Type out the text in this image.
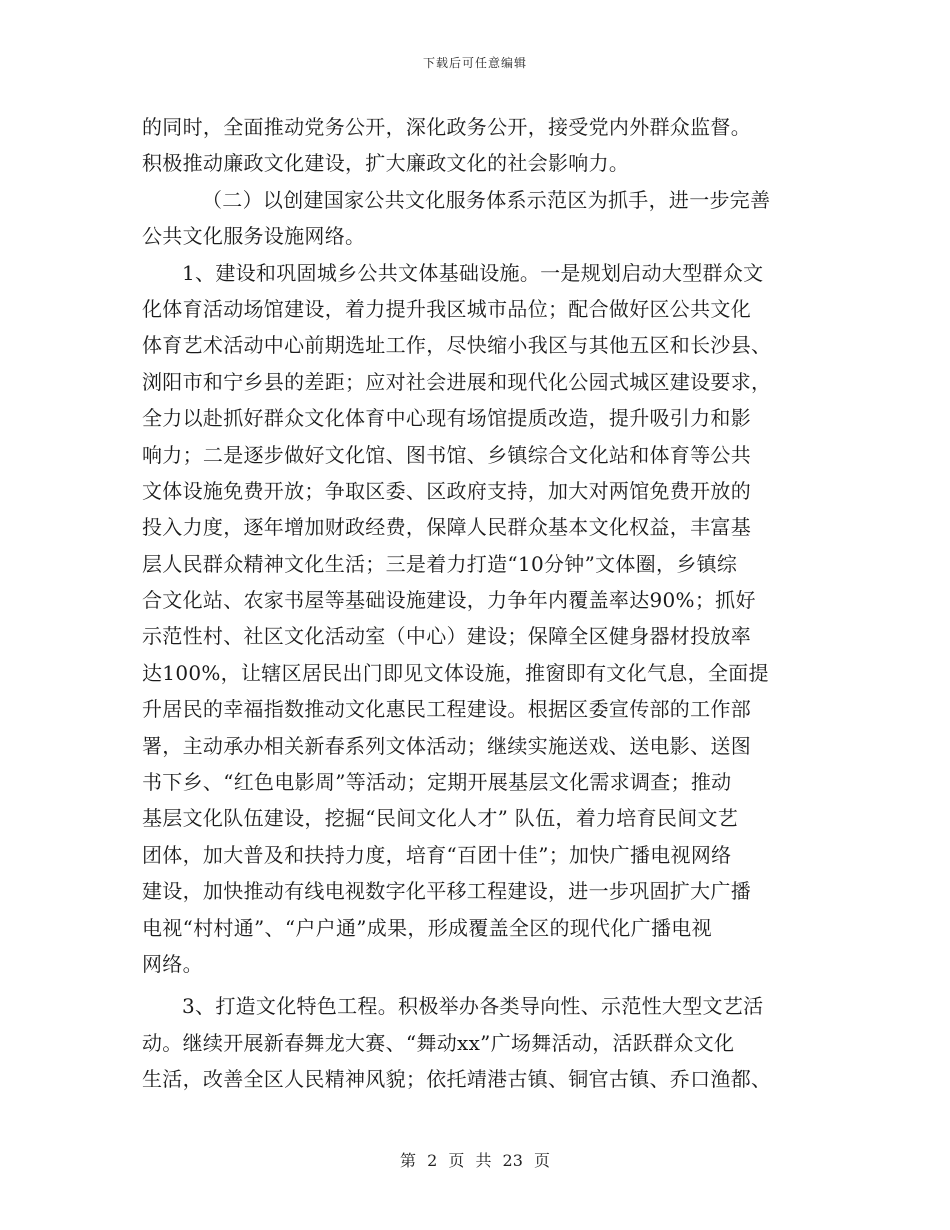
下载后可任意编辑
的同时，全面推动党务公开，深化政务公开，接受党内外群众监督。
积极推动廉政文化建设，扩大廉政文化的社会影响力。
（二）以创建国家公共文化服务体系示范区为抓手，进一步完善
公共文化服务设施网络。
1、建设和巩固城乡公共文体基础设施。一是规划启动大型群众文
化体育活动场馆建设，着力提升我区城市品位；配合做好区公共文化
体育艺术活动中心前期选址工作，尽快缩小我区与其他五区和长沙县、
浏阳市和宁乡县的差距；应对社会进展和现代化公园式城区建设要求，
全力以赴抓好群众文化体育中心现有场馆提质改造，提升吸引力和影
响力；二是逐步做好文化馆、图书馆、乡镇综合文化站和体育等公共
文体设施免费开放；争取区委、区政府支持，加大对两馆免费开放的
投入力度，逐年增加财政经费，保障人民群众基本文化权益，丰富基
层人民群众精神文化生活；三是着力打造“10分钟”文体圈，乡镇综
合文化站、农家书屋等基础设施建设，力争年内覆盖率达90%；抓好
示范性村、社区文化活动室（中心）建设；保障全区健身器材投放率
达100%，让辖区居民出门即见文体设施，推窗即有文化气息，全面提
升居民的幸福指数推动文化惠民工程建设。根据区委宣传部的工作部
署，主动承办相关新春系列文体活动；继续实施送戏、送电影、送图
书下乡、“红色电影周”等活动；定期开展基层文化需求调查；推动
基层文化队伍建设，挖掘“民间文化人才” 队伍，着力培育民间文艺
团体，加大普及和扶持力度，培育“百团十佳”；加快广播电视网络
建设，加快推动有线电视数字化平移工程建设，进一步巩固扩大广播
电视“村村通”、“户户通”成果，形成覆盖全区的现代化广播电视
网络。
3、打造文化特色工程。积极举办各类导向性、示范性大型文艺活
动。继续开展新春舞龙大赛、“舞动xx”广场舞活动，活跃群众文化
生活，改善全区人民精神风貌；依托靖港古镇、铜官古镇、乔口渔都、
第 2 页 共 23 页
